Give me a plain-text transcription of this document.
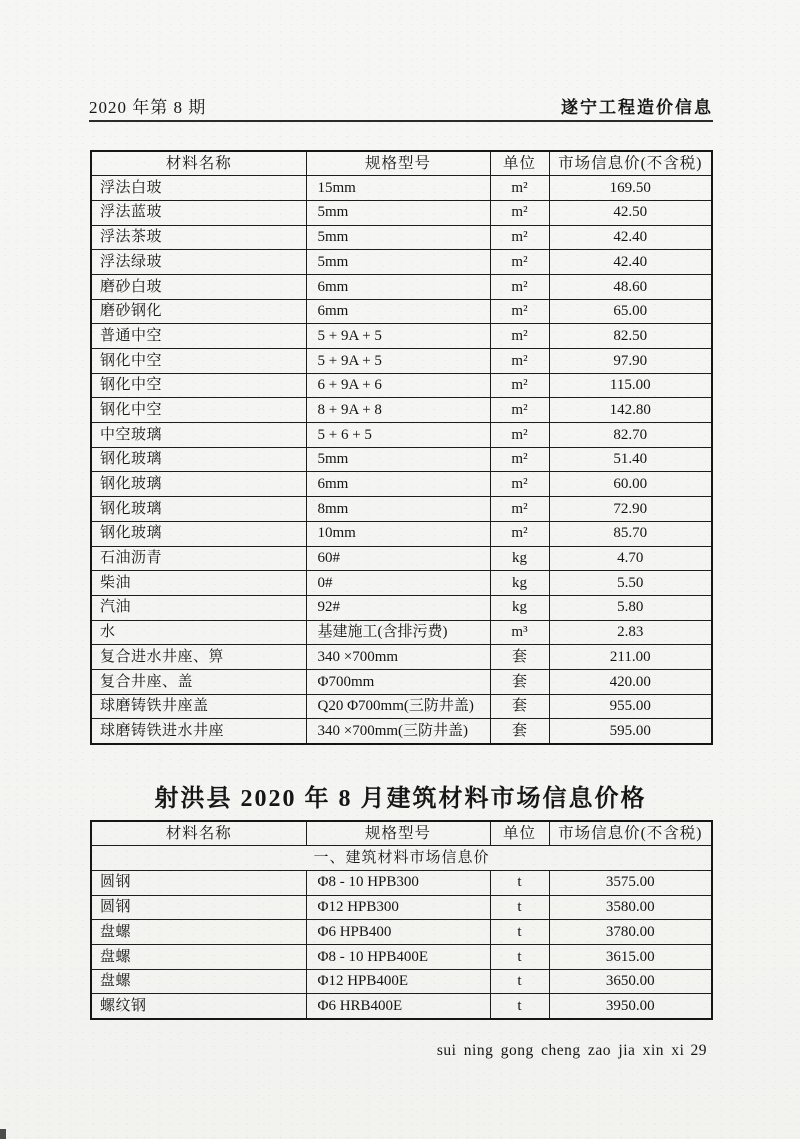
2020 年第 8 期	遂宁工程造价信息
材料名称	规格型号	单位	市场信息价(不含税)
浮法白玻	15mm	m²	169.50
浮法蓝玻	5mm	m²	42.50
浮法茶玻	5mm	m²	42.40
浮法绿玻	5mm	m²	42.40
磨砂白玻	6mm	m²	48.60
磨砂钢化	6mm	m²	65.00
普通中空	5 + 9A + 5	m²	82.50
钢化中空	5 + 9A + 5	m²	97.90
钢化中空	6 + 9A + 6	m²	115.00
钢化中空	8 + 9A + 8	m²	142.80
中空玻璃	5 + 6 + 5	m²	82.70
钢化玻璃	5mm	m²	51.40
钢化玻璃	6mm	m²	60.00
钢化玻璃	8mm	m²	72.90
钢化玻璃	10mm	m²	85.70
石油沥青	60#	kg	4.70
柴油	0#	kg	5.50
汽油	92#	kg	5.80
水	基建施工(含排污费)	m³	2.83
复合进水井座、箅	340 ×700mm	套	211.00
复合井座、盖	Φ700mm	套	420.00
球磨铸铁井座盖	Q20 Φ700mm(三防井盖)	套	955.00
球磨铸铁进水井座	340 ×700mm(三防井盖)	套	595.00
射洪县 2020 年 8 月建筑材料市场信息价格
材料名称	规格型号	单位	市场信息价(不含税)
一、建筑材料市场信息价			
圆钢	Φ8 - 10 HPB300	t	3575.00
圆钢	Φ12 HPB300	t	3580.00
盘螺	Φ6 HPB400	t	3780.00
盘螺	Φ8 - 10 HPB400E	t	3615.00
盘螺	Φ12 HPB400E	t	3650.00
螺纹钢	Φ6 HRB400E	t	3950.00
sui ning gong cheng zao jia xin xi 29
